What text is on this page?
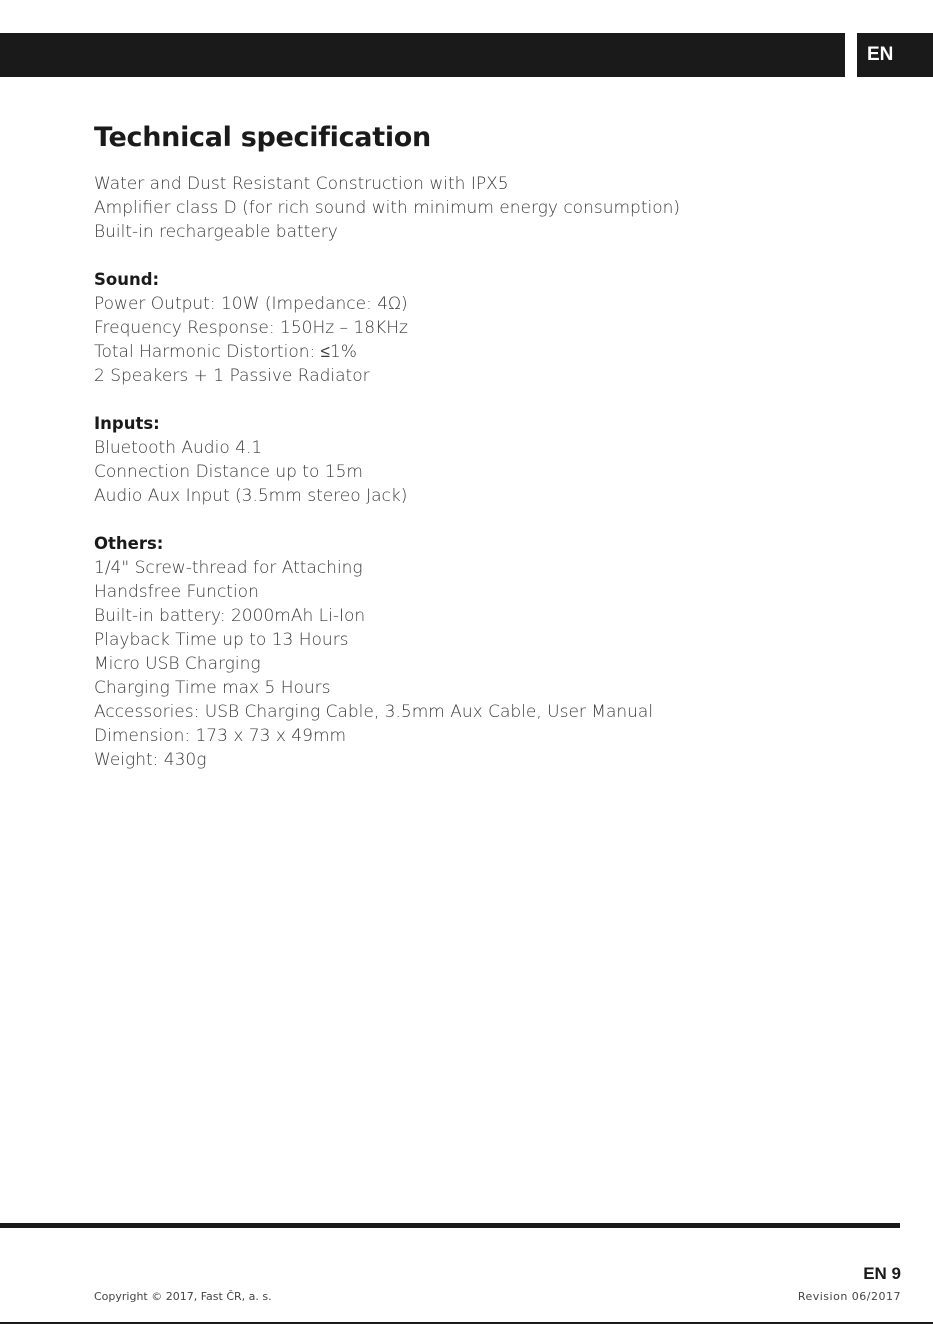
EN
Technical specification
Water and Dust Resistant Construction with IPX5
Amplifier class D (for rich sound with minimum energy consumption)
Built-in rechargeable battery
Sound:
Power Output: 10W (Impedance: 4Ω)
Frequency Response: 150Hz – 18KHz
Total Harmonic Distortion: ≤1%
2 Speakers + 1 Passive Radiator
Inputs:
Bluetooth Audio 4.1
Connection Distance up to 15m
Audio Aux Input (3.5mm stereo Jack)
Others:
1/4" Screw-thread for Attaching
Handsfree Function
Built-in battery: 2000mAh Li-Ion
Playback Time up to 13 Hours
Micro USB Charging
Charging Time max 5 Hours
Accessories: USB Charging Cable, 3.5mm Aux Cable, User Manual
Dimension: 173 x 73 x 49mm
Weight: 430g
Copyright © 2017, Fast ČR, a. s.
EN 9
Revision 06/2017
